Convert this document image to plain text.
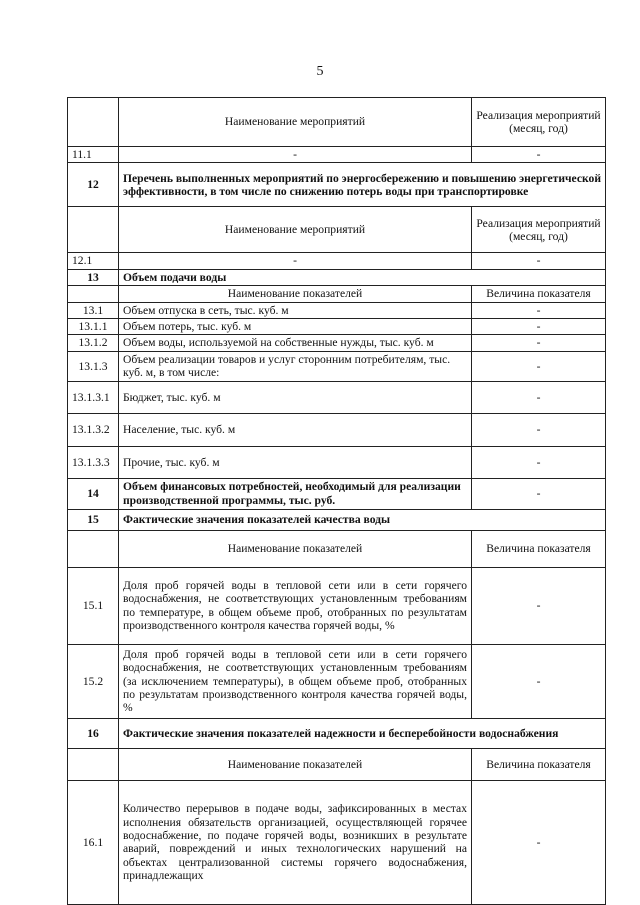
5
	Наименование мероприятий	Реализация мероприятий (месяц, год)
11.1	-	-
12	Перечень выполненных мероприятий по энергосбережению и повышению энергетической эффективности, в том числе по снижению потерь воды при транспортировке	
	Наименование мероприятий	Реализация мероприятий (месяц, год)
12.1	-	-
13	Объем подачи воды	
	Наименование показателей	Величина показателя
13.1	Объем отпуска в сеть, тыс. куб. м	-
13.1.1	Объем потерь, тыс. куб. м	-
13.1.2	Объем воды, используемой на собственные нужды, тыс. куб. м	-
13.1.3	Объем реализации товаров и услуг сторонним потребителям, тыс. куб. м, в том числе:	-
13.1.3.1	Бюджет, тыс. куб. м	-
13.1.3.2	Население, тыс. куб. м	-
13.1.3.3	Прочие, тыс. куб. м	-
14	Объем финансовых потребностей, необходимый для реализации производственной программы, тыс. руб.	-
15	Фактические значения показателей качества воды	
	Наименование показателей	Величина показателя
15.1	Доля проб горячей воды в тепловой сети или в сети горячего водоснабжения, не соответствующих установленным требованиям по температуре, в общем объеме проб, отобранных по результатам производственного контроля качества горячей воды, %	-
15.2	Доля проб горячей воды в тепловой сети или в сети горячего водоснабжения, не соответствующих установленным требованиям (за исключением температуры), в общем объеме проб, отобранных по результатам производственного контроля качества горячей воды, %	-
16	Фактические значения показателей надежности и бесперебойности водоснабжения	
	Наименование показателей	Величина показателя
16.1	Количество перерывов в подаче воды, зафиксированных в местах исполнения обязательств организацией, осуществляющей горячее водоснабжение, по подаче горячей воды, возникших в результате аварий, повреждений и иных технологических нарушений на объектах централизованной системы горячего водоснабжения, принадлежащих	-
